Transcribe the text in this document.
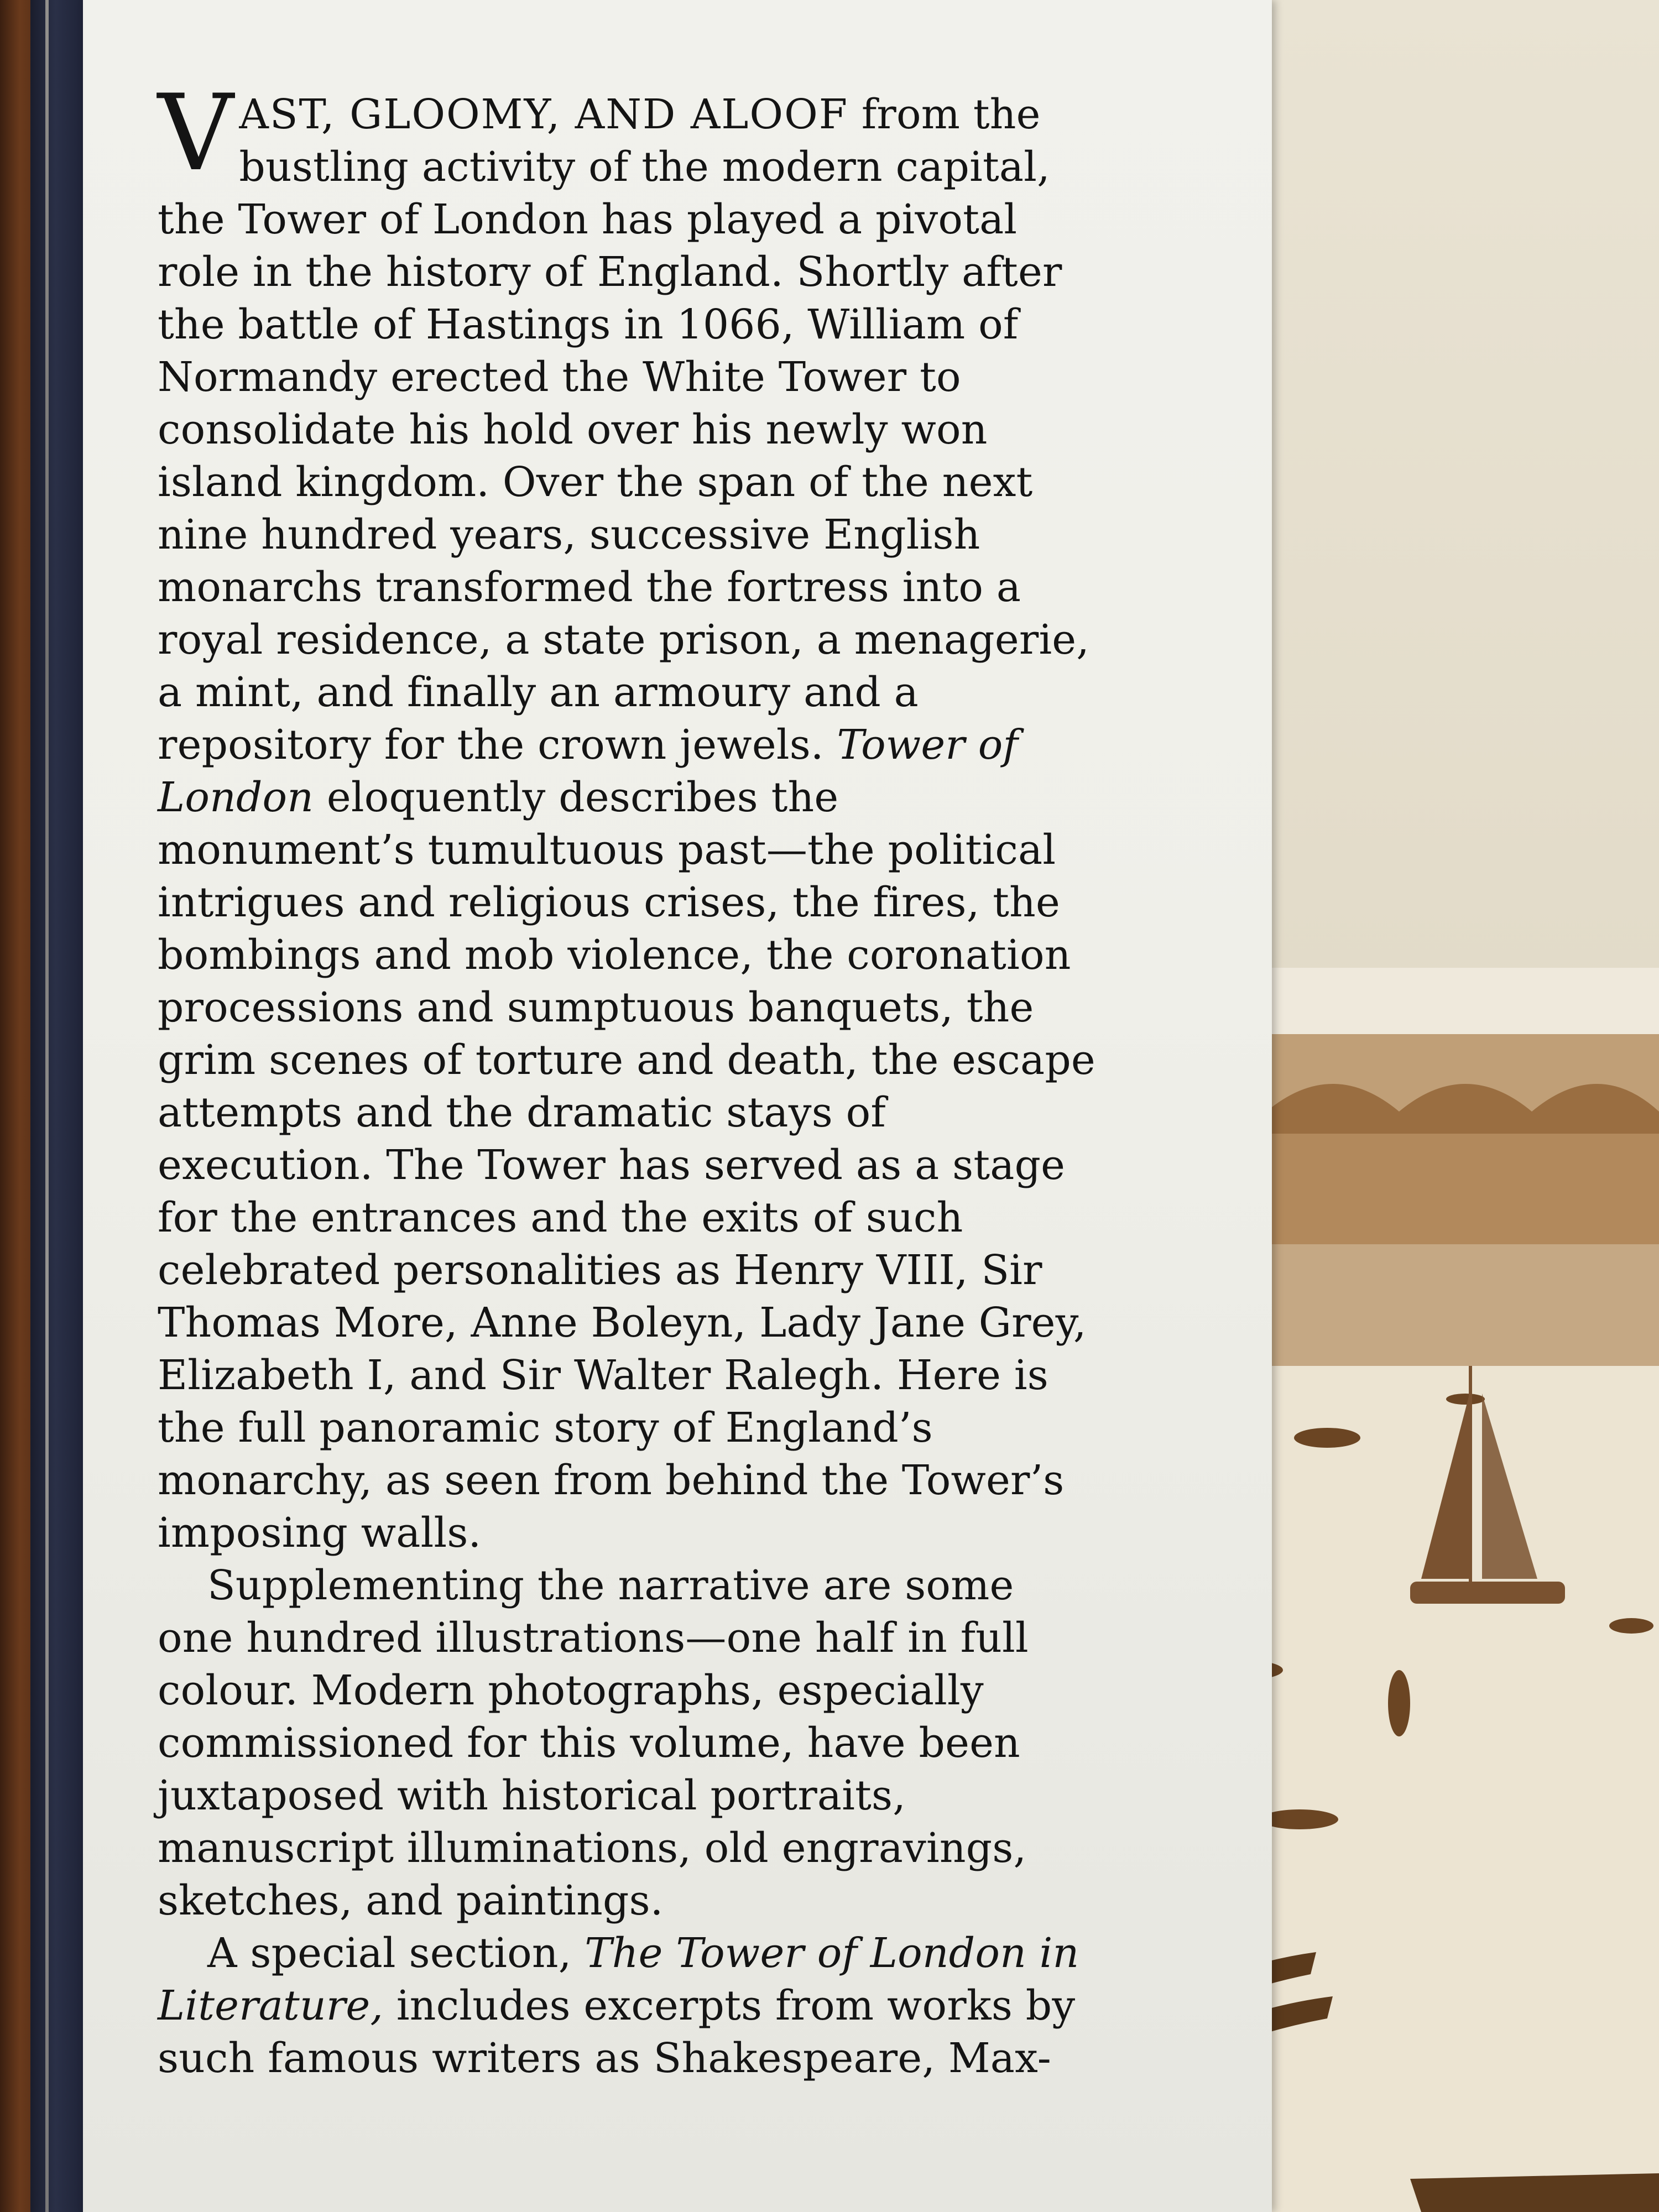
VAST, GLOOMY, AND ALOOF from the bustling activity of the modern capital, the Tower of London has played a pivotal role in the history of England. Shortly after the battle of Hastings in 1066, William of Normandy erected the White Tower to consolidate his hold over his newly won island kingdom. Over the span of the next nine hundred years, successive English monarchs transformed the fortress into a royal residence, a state prison, a menagerie, a mint, and finally an armoury and a repository for the crown jewels. Tower of London eloquently describes the monument’s tumultuous past—the political intrigues and religious crises, the fires, the bombings and mob violence, the coronation processions and sumptuous banquets, the grim scenes of torture and death, the escape attempts and the dramatic stays of execution. The Tower has served as a stage for the entrances and the exits of such celebrated personalities as Henry VIII, Sir Thomas More, Anne Boleyn, Lady Jane Grey, Elizabeth I, and Sir Walter Ralegh. Here is the full panoramic story of England’s monarchy, as seen from behind the Tower’s imposing walls.

Supplementing the narrative are some one hundred illustrations—one half in full colour. Modern photographs, especially commissioned for this volume, have been juxtaposed with historical portraits, manuscript illuminations, old engravings, sketches, and paintings.

A special section, The Tower of London in Literature, includes excerpts from works by such famous writers as Shakespeare, Max-
